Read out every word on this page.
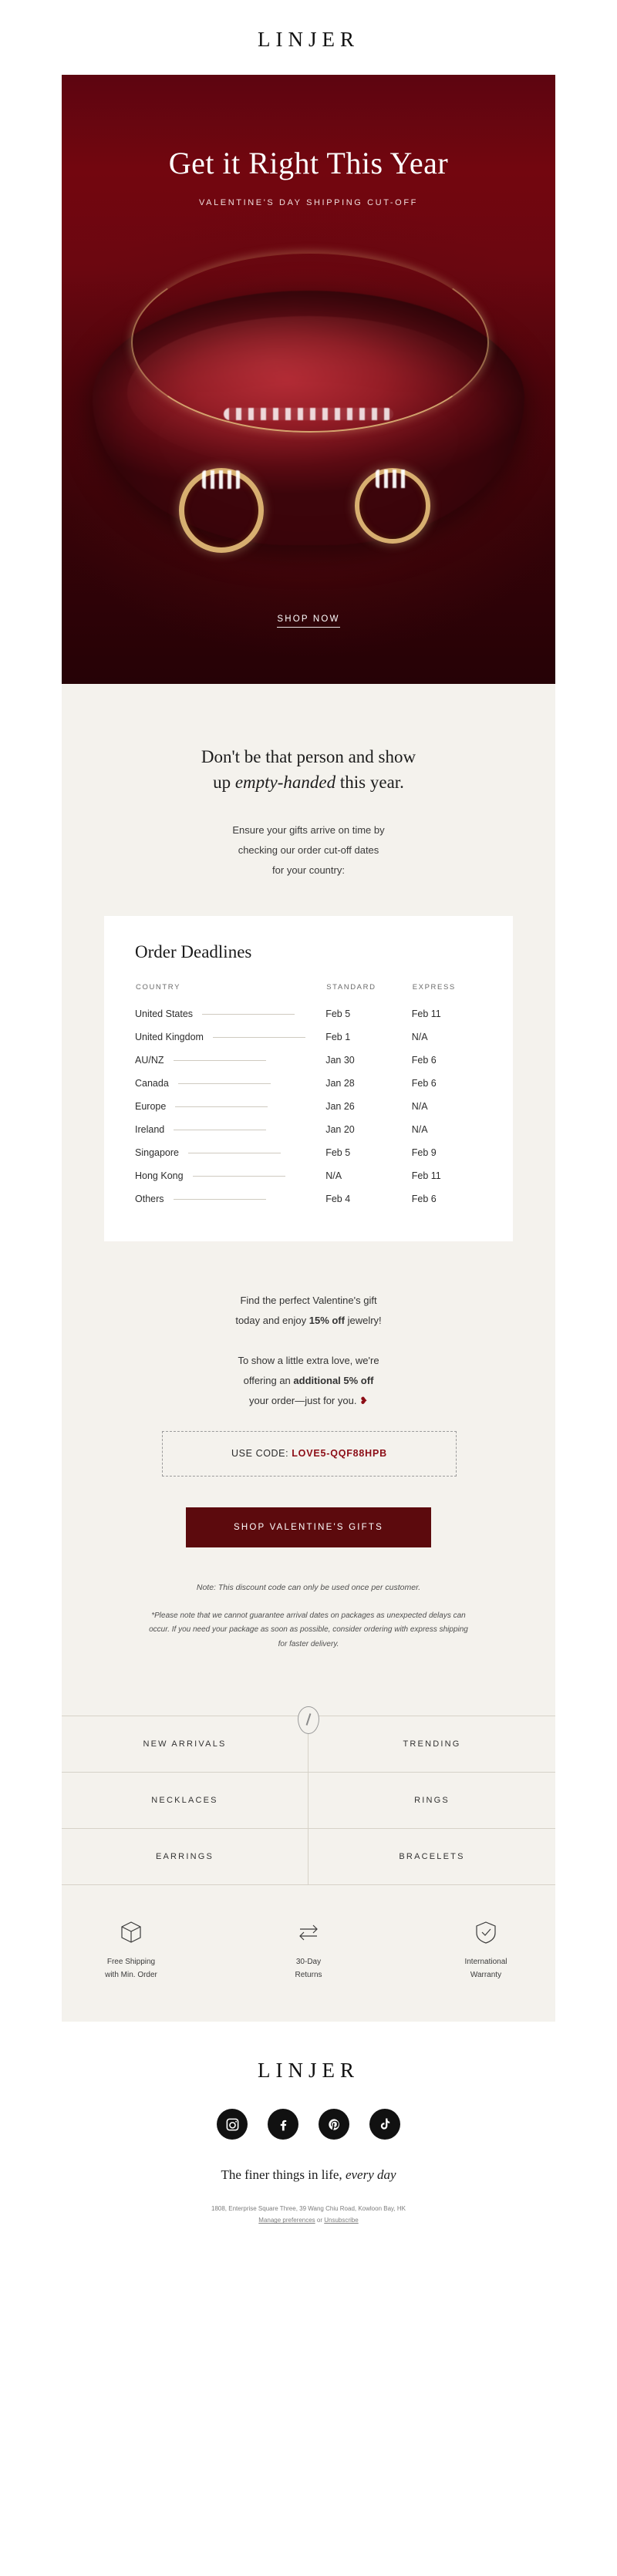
LINJER
Get it Right This Year
VALENTINE'S DAY SHIPPING CUT-OFF
SHOP NOW
Don't be that person and show
up empty-handed this year.
Ensure your gifts arrive on time by
checking our order cut-off dates
for your country:
Order Deadlines
COUNTRY	STANDARD	EXPRESS
United States	Feb 5	Feb 11
United Kingdom	Feb 1	N/A
AU/NZ	Jan 30	Feb 6
Canada	Jan 28	Feb 6
Europe	Jan 26	N/A
Ireland	Jan 20	N/A
Singapore	Feb 5	Feb 9
Hong Kong	N/A	Feb 11
Others	Feb 4	Feb 6

Find the perfect Valentine's gift
today and enjoy 15% off jewelry!

To show a little extra love, we're
offering an additional 5% off
your order—just for you. ❥

USE CODE: LOVE5-QQF88HPB
SHOP VALENTINE'S GIFTS
Note: This discount code can only be used once per customer.
*Please note that we cannot guarantee arrival dates on packages as unexpected delays can occur. If you need your package as soon as possible, consider ordering with express shipping for faster delivery.
NEW ARRIVALS	TRENDING
NECKLACES	RINGS
EARRINGS	BRACELETS
Free Shipping
with Min. Order
30-Day
Returns
International
Warranty
LINJER
The finer things in life, every day
1808, Enterprise Square Three, 39 Wang Chiu Road, Kowloon Bay, HK
Manage preferences or Unsubscribe
